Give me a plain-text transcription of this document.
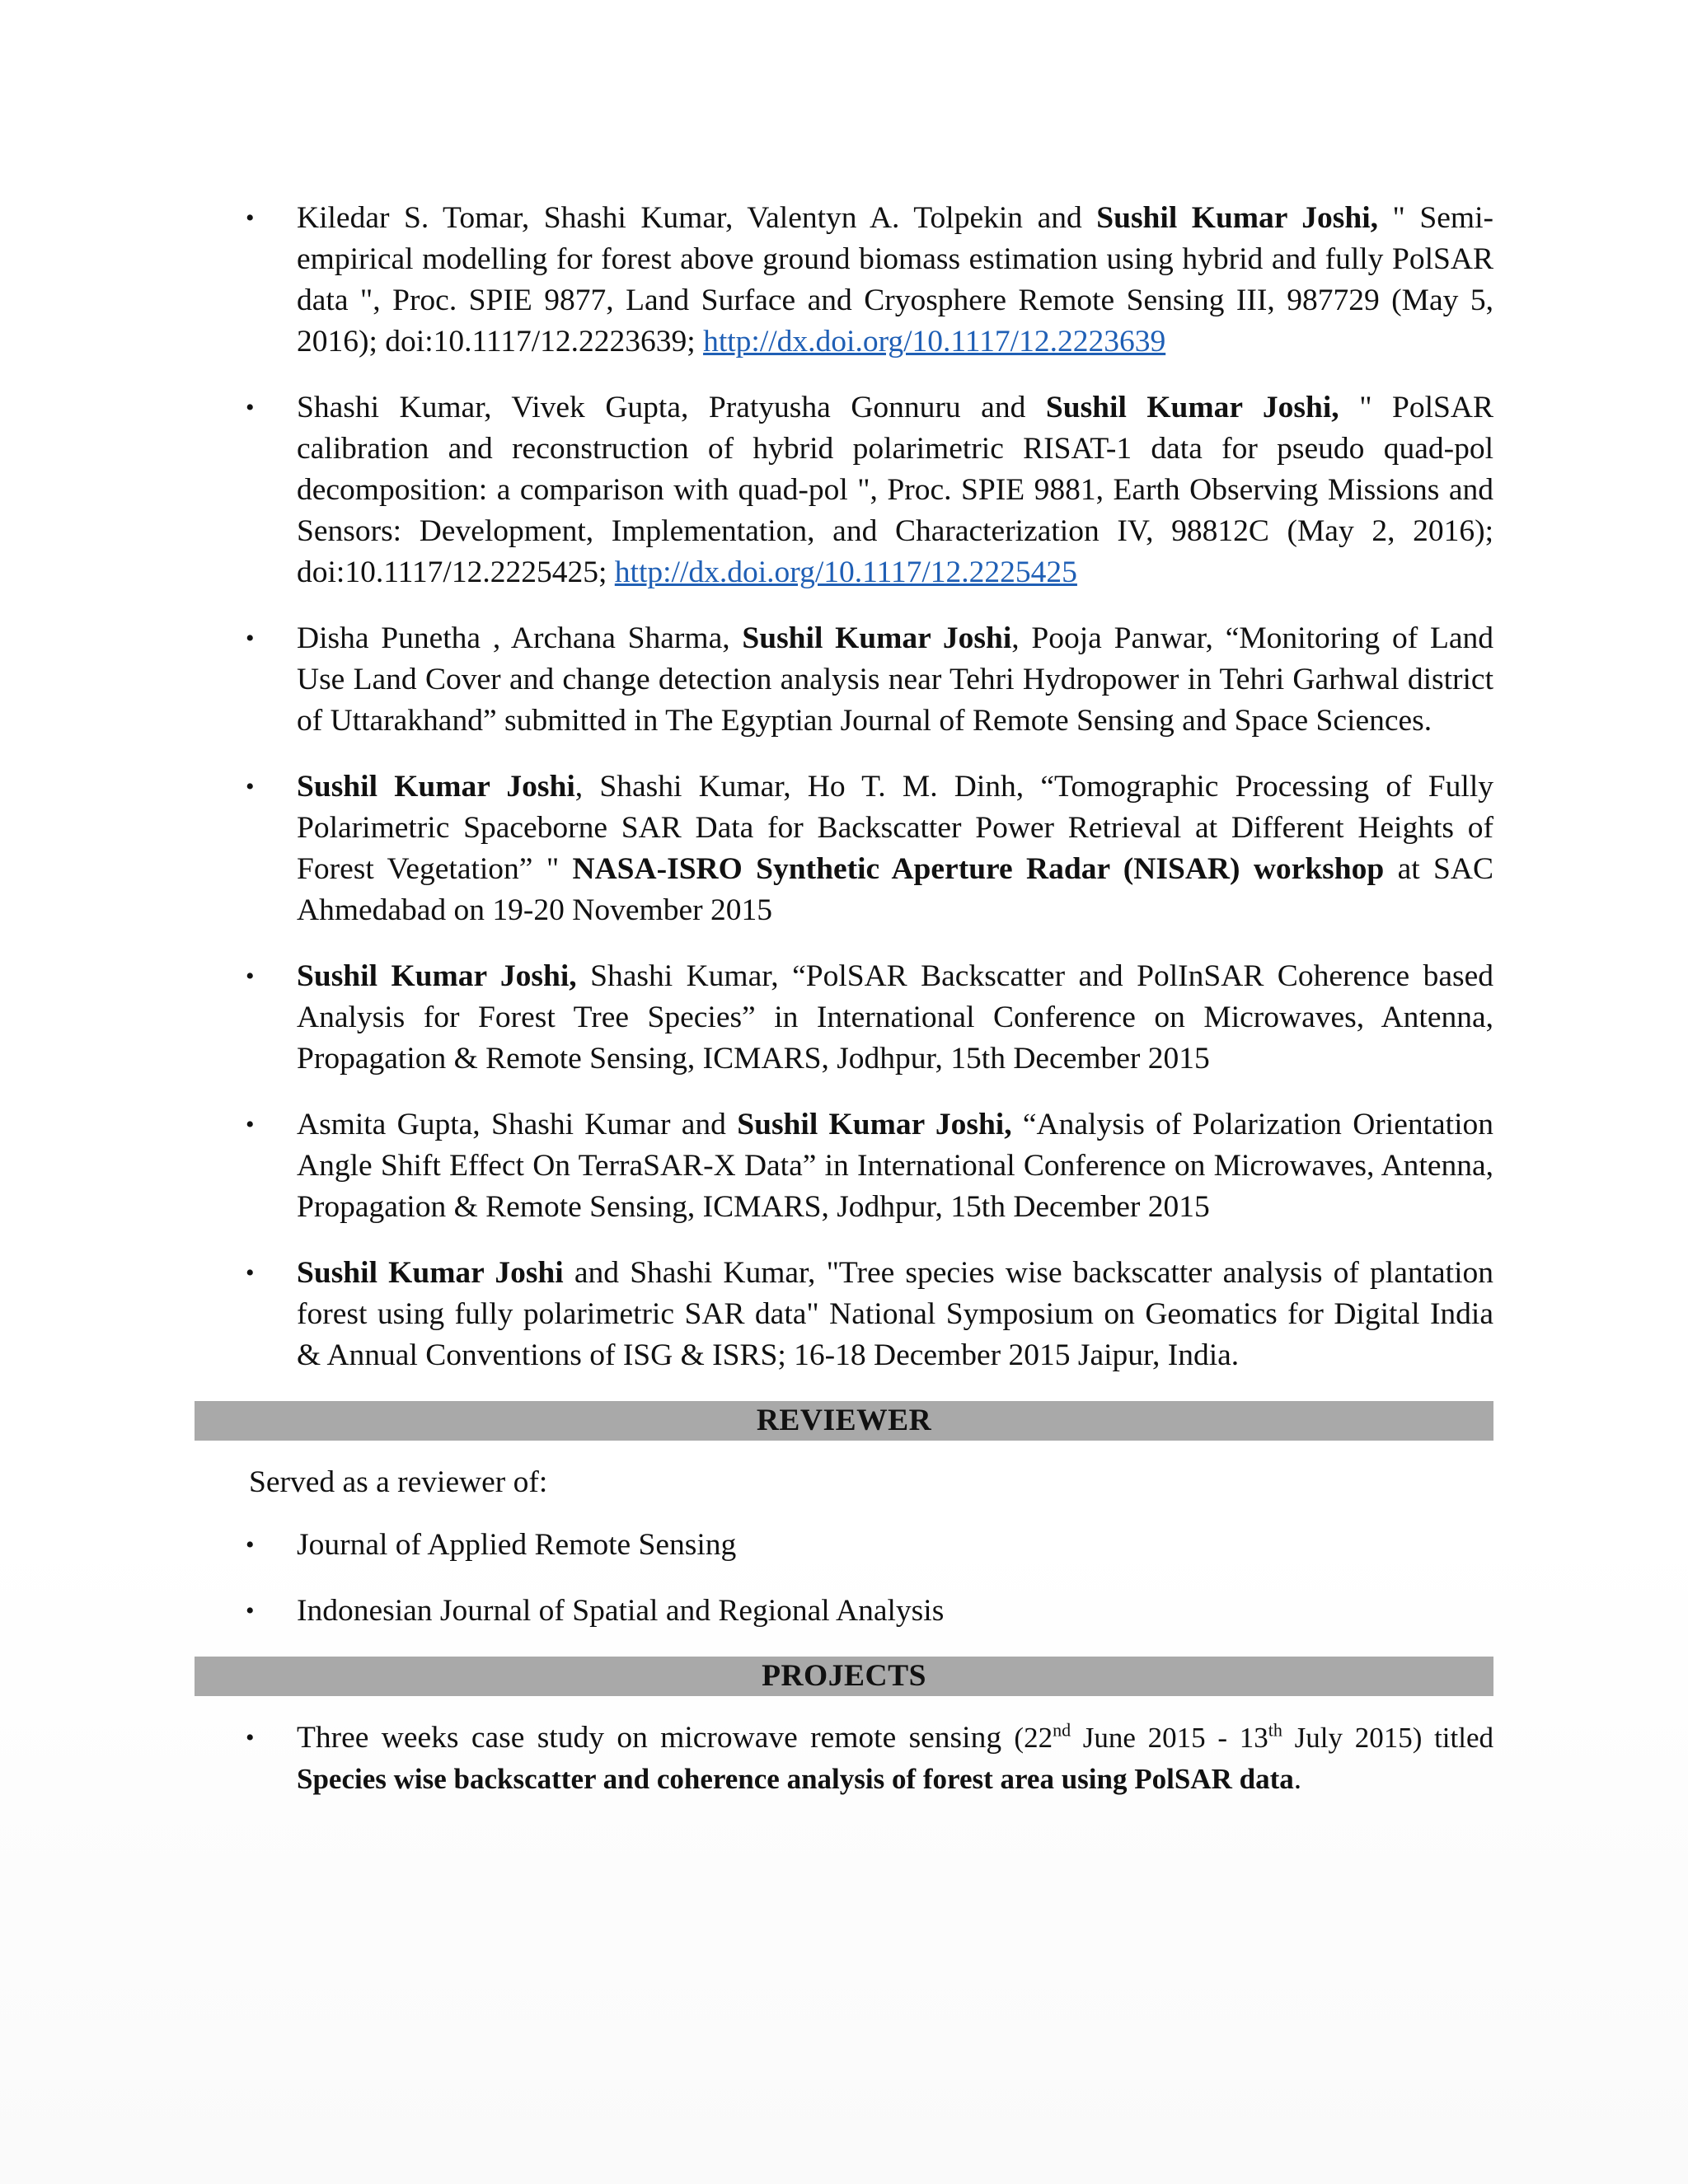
• Kiledar S. Tomar, Shashi Kumar, Valentyn A. Tolpekin and Sushil Kumar Joshi, " Semi-empirical modelling for forest above ground biomass estimation using hybrid and fully PolSAR data ", Proc. SPIE 9877, Land Surface and Cryosphere Remote Sensing III, 987729 (May 5, 2016); doi:10.1117/12.2223639; http://dx.doi.org/10.1117/12.2223639
• Shashi Kumar, Vivek Gupta, Pratyusha Gonnuru and Sushil Kumar Joshi, " PolSAR calibration and reconstruction of hybrid polarimetric RISAT-1 data for pseudo quad-pol decomposition: a comparison with quad-pol ", Proc. SPIE 9881, Earth Observing Missions and Sensors: Development, Implementation, and Characterization IV, 98812C (May 2, 2016); doi:10.1117/12.2225425; http://dx.doi.org/10.1117/12.2225425
• Disha Punetha , Archana Sharma, Sushil Kumar Joshi, Pooja Panwar, “Monitoring of Land Use Land Cover and change detection analysis near Tehri Hydropower in Tehri Garhwal district of Uttarakhand” submitted in The Egyptian Journal of Remote Sensing and Space Sciences.
• Sushil Kumar Joshi, Shashi Kumar, Ho T. M. Dinh, “Tomographic Processing of Fully Polarimetric Spaceborne SAR Data for Backscatter Power Retrieval at Different Heights of Forest Vegetation” " NASA-ISRO Synthetic Aperture Radar (NISAR) workshop at SAC Ahmedabad on 19-20 November 2015
• Sushil Kumar Joshi, Shashi Kumar, “PolSAR Backscatter and PolInSAR Coherence based Analysis for Forest Tree Species” in International Conference on Microwaves, Antenna, Propagation & Remote Sensing, ICMARS, Jodhpur, 15th December 2015
• Asmita Gupta, Shashi Kumar and Sushil Kumar Joshi, “Analysis of Polarization Orientation Angle Shift Effect On TerraSAR-X Data” in International Conference on Microwaves, Antenna, Propagation & Remote Sensing, ICMARS, Jodhpur, 15th December 2015
• Sushil Kumar Joshi and Shashi Kumar, "Tree species wise backscatter analysis of plantation forest using fully polarimetric SAR data" National Symposium on Geomatics for Digital India & Annual Conventions of ISG & ISRS; 16-18 December 2015 Jaipur, India.
REVIEWER
Served as a reviewer of:
• Journal of Applied Remote Sensing
• Indonesian Journal of Spatial and Regional Analysis
PROJECTS
• Three weeks case study on microwave remote sensing (22nd June 2015 - 13th July 2015) titled Species wise backscatter and coherence analysis of forest area using PolSAR data.
